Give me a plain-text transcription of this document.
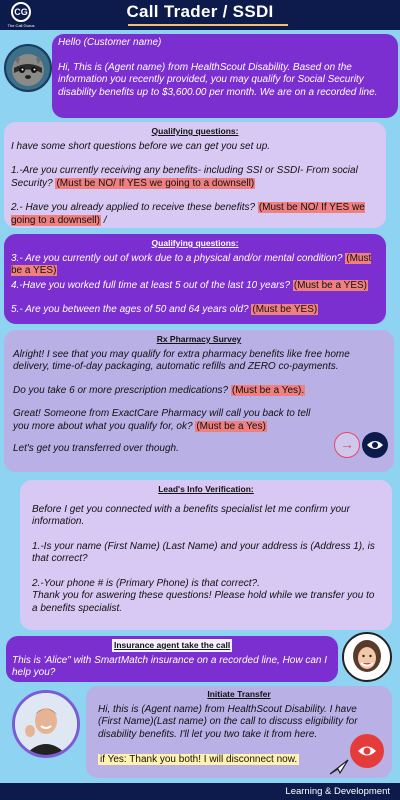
CG
The Call Gurus
Call Trader / SSDI

Hello (Customer name)

Hi, This is (Agent name) from HealthScout Disability. Based on the information you recently provided, you may qualify for Social Security disability benefits up to $3,600.00 per month. We are on a recorded line.

Qualifying questions:

I have some short questions before we can get you set up.

1.-Are you currently receiving any benefits- including SSI or SSDI- From social Security? (Must be NO/ If YES we going to a downsell)

2.- Have you already applied to receive these benefits? (Must be NO/ If YES we going to a downsell) /

Qualifying questions:

3.- Are you currently out of work due to a physical and/or mental condition? (Must be a YES)

4.-Have you worked full time at least 5 out of the last 10 years? (Must be a YES)

5.- Are you between the ages of 50 and 64 years old? (Must be YES)

Rx Pharmacy Survey

Alright! I see that you may qualify for extra pharmacy benefits like free home delivery, time-of-day packaging, automatic refills and ZERO co-payments.

Do you take 6 or more prescription medications? (Must be a Yes).

Great! Someone from ExactCare Pharmacy will call you back to tell you more about what you qualify for, ok? (Must be a Yes)

Let's get you transferred over though.	→
Lead's Info Verification:

Before I get you connected with a benefits specialist let me confirm your information.

1.-Is your name (First Name) (Last Name) and your address is (Address 1), is that correct?

2.-Your phone # is (Primary Phone) is that correct?.

Thank you for aswering these questions! Please hold while we transfer you to a benefits specialist.

Insurance agent take the call

This is 'Alice" with SmartMatch insurance on a recorded line, How can I help you?

Initiate Transfer

Hi, this is (Agent name) from HealthScout Disability. I have (First Name)(Last name) on the call to discuss eligibility for disability benefits. I'll let you two take it from here.

if Yes: Thank you both! I will disconnect now.

Learning & Development
